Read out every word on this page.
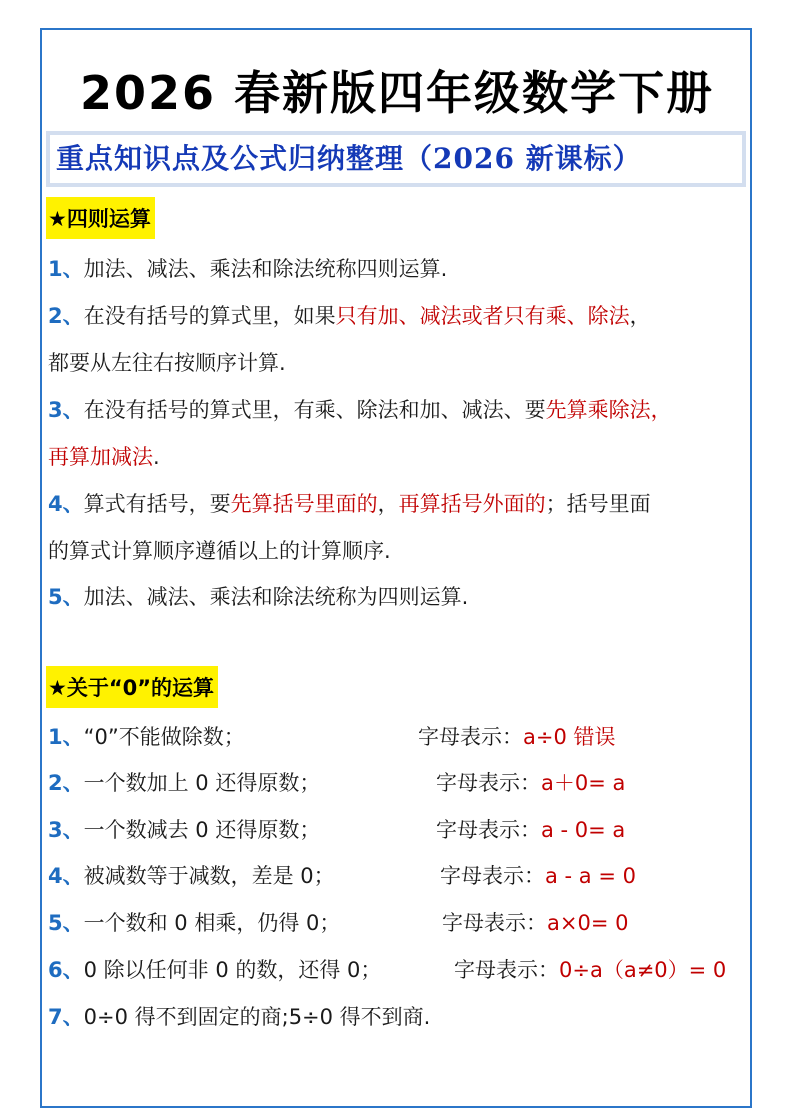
2026 春新版四年级数学下册
重点知识点及公式归纳整理（2026 新课标）
★四则运算
1、加法、减法、乘法和除法统称四则运算.
2、在没有括号的算式里，如果只有加、减法或者只有乘、除法，
都要从左往右按顺序计算.
3、在没有括号的算式里，有乘、除法和加、减法、要先算乘除法，
再算加减法.
4、算式有括号，要先算括号里面的，再算括号外面的；括号里面
的算式计算顺序遵循以上的计算顺序.
5、加法、减法、乘法和除法统称为四则运算.
★关于“0”的运算
1、“0”不能做除数；	字母表示：a÷0 错误
2、一个数加上 0 还得原数；	字母表示：a＋0= a
3、一个数减去 0 还得原数；	字母表示：a - 0= a
4、被减数等于减数，差是 0；	字母表示：a - a = 0
5、一个数和 0 相乘，仍得 0；	字母表示：a×0= 0
6、0 除以任何非 0 的数，还得 0；	字母表示：0÷a（a≠0）= 0
7、0÷0 得不到固定的商;5÷0 得不到商.
